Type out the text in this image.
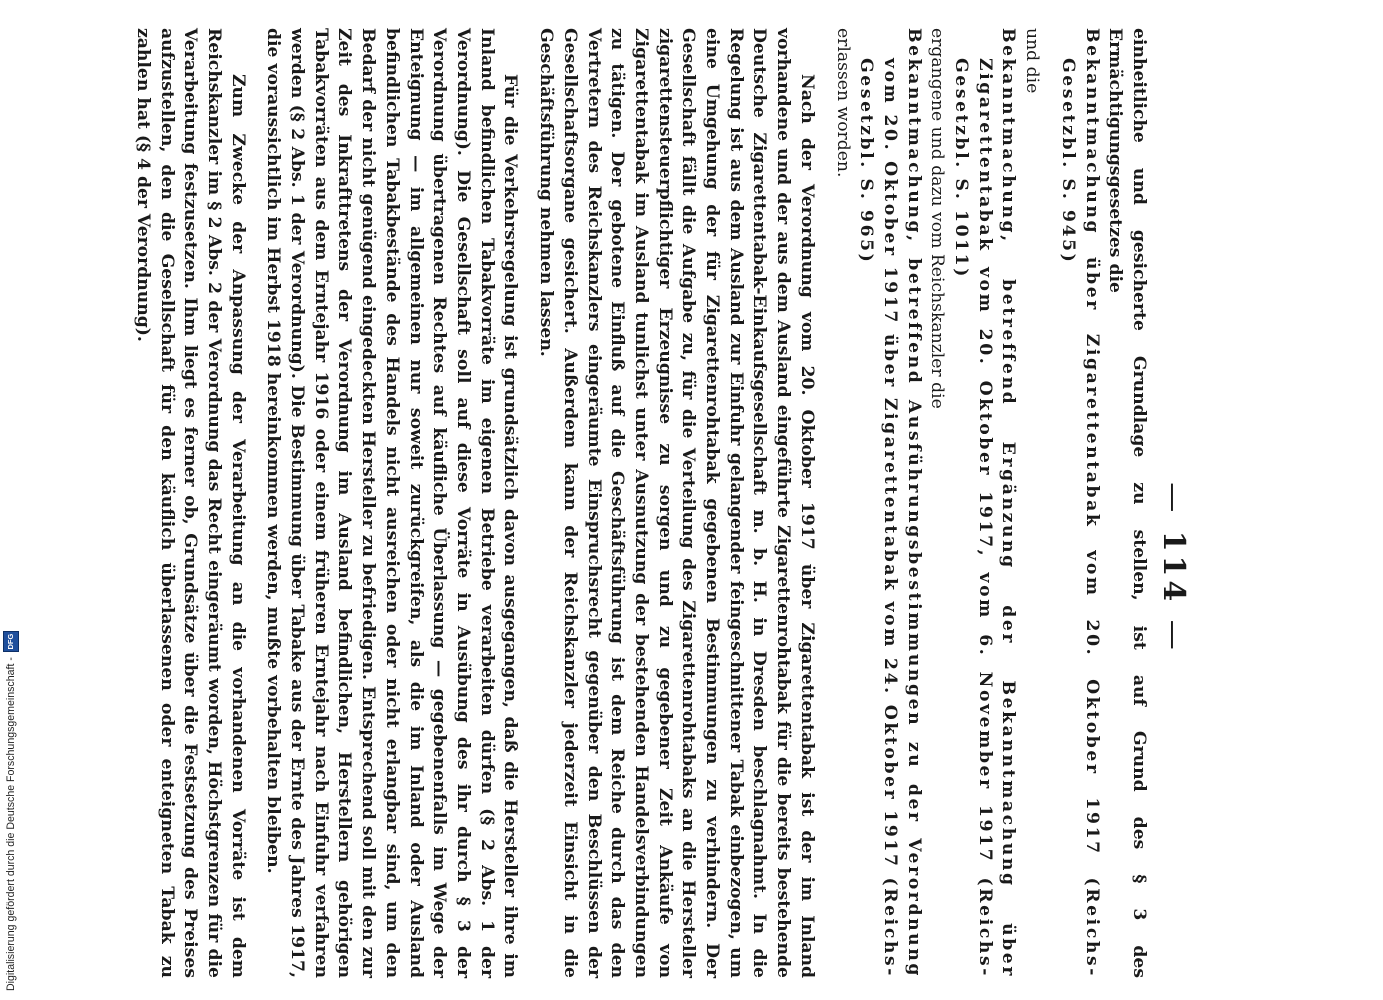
— 114 —

einheitliche und gesicherte Grundlage zu stellen, ist auf Grund des § 3 des Ermächtigungsgesetzes die

Bekanntmachung über Zigarettentabak vom 20. Oktober 1917 (Reichs-Gesetzbl. S. 945)

und die

Bekanntmachung, betreffend Ergänzung der Bekanntmachung über Zigarettentabak vom 20. Oktober 1917, vom 6. November 1917 (Reichs-Gesetzbl. S. 1011)

ergangene und dazu vom Reichskanzler die

Bekanntmachung, betreffend Ausführungsbestimmungen zu der Verordnung vom 20. Oktober 1917 über Zigarettentabak vom 24. Oktober 1917 (Reichs-Gesetzbl. S. 965)

erlassen worden.

Nach der Verordnung vom 20. Oktober 1917 über Zigarettentabak ist der im Inland vorhandene und der aus dem Ausland eingeführte Zigarettenrohtabak für die bereits bestehende Deutsche Zigarettentabak-Einkaufsgesellschaft m. b. H. in Dresden beschlagnahmt. In die Regelung ist aus dem Ausland zur Einfuhr gelangender feingeschnittener Tabak einbezogen, um eine Umgehung der für Zigarettenrohtabak gegebenen Bestimmungen zu verhindern. Der Gesellschaft fällt die Aufgabe zu, für die Verteilung des Zigarettenrohtabaks an die Hersteller zigarettensteuerpflichtiger Erzeugnisse zu sorgen und zu gegebener Zeit Ankäufe von Zigarettentabak im Ausland tunlichst unter Ausnutzung der bestehenden Handelsverbindungen zu tätigen. Der gebotene Einfluß auf die Geschäftsführung ist dem Reiche durch das den Vertretern des Reichskanzlers eingeräumte Einspruchsrecht gegenüber den Beschlüssen der Gesellschaftsorgane gesichert. Außerdem kann der Reichskanzler jederzeit Einsicht in die Geschäftsführung nehmen lassen.

Für die Verkehrsregelung ist grundsätzlich davon ausgegangen, daß die Hersteller ihre im Inland befindlichen Tabakvorräte im eigenen Betriebe verarbeiten dürfen (§ 2 Abs. 1 der Verordnung). Die Gesellschaft soll auf diese Vorräte in Ausübung des ihr durch § 3 der Verordnung übertragenen Rechtes auf käufliche Überlassung — gegebenenfalls im Wege der Enteignung — im allgemeinen nur soweit zurückgreifen, als die im Inland oder Ausland befindlichen Tabakbestände des Handels nicht ausreichen oder nicht erlangbar sind, um den Bedarf der nicht genügend eingedeckten Hersteller zu befriedigen. Entsprechend soll mit den zur Zeit des Inkrafttretens der Verordnung im Ausland befindlichen, Herstellern gehörigen Tabakvorräten aus dem Erntejahr 1916 oder einem früheren Erntejahr nach Einfuhr verfahren werden (§ 2 Abs. 1 der Verordnung). Die Bestimmung über Tabake aus der Ernte des Jahres 1917, die voraussichtlich im Herbst 1918 hereinkommen werden, mußte vorbehalten bleiben.

Zum Zwecke der Anpassung der Verarbeitung an die vorhandenen Vorräte ist dem Reichskanzler im § 2 Abs. 2 der Verordnung das Recht eingeräumt worden, Höchstgrenzen für die Verarbeitung festzusetzen. Ihm liegt es ferner ob, Grundsätze über die Festsetzung des Preises aufzustellen, den die Gesellschaft für den käuflich überlassenen oder enteigneten Tabak zu zahlen hat (§ 4 der Verordnung).

Digitalisierung gefördert durch die Deutsche Forschungsgemeinschaft -
DFG
